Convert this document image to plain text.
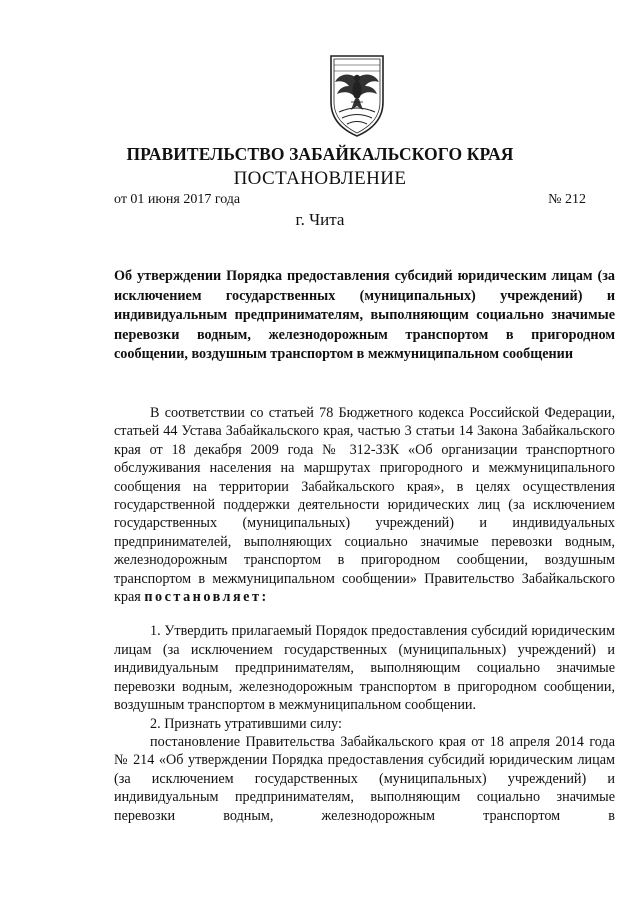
ПРАВИТЕЛЬСТВО ЗАБАЙКАЛЬСКОГО КРАЯ
ПОСТАНОВЛЕНИЕ
от 01 июня 2017 года	№ 212
г. Чита
Об утверждении Порядка предоставления субсидий юридическим лицам (за исключением государственных (муниципальных) учреждений) и индивидуальным предпринимателям, выполняющим социально значимые перевозки водным, железнодорожным транспортом в пригородном сообщении, воздушным транспортом в межмуниципальном сообщении

В соответствии со статьей 78 Бюджетного кодекса Российской Федерации, статьей 44 Устава Забайкальского края, частью 3 статьи 14 Закона Забайкальского края от 18 декабря 2009 года № 312-ЗЗК «Об организации транспортного обслуживания населения на маршрутах пригородного и межмуниципального сообщения на территории Забайкальского края», в целях осуществления государственной поддержки деятельности юридических лиц (за исключением государственных (муниципальных) учреждений) и индивидуальных предпринимателей, выполняющих социально значимые перевозки водным, железнодорожным транспортом в пригородном сообщении, воздушным транспортом в межмуниципальном сообщении» Правительство Забайкальского края постановляет:

1. Утвердить прилагаемый Порядок предоставления субсидий юридическим лицам (за исключением государственных (муниципальных) учреждений) и индивидуальным предпринимателям, выполняющим социально значимые перевозки водным, железнодорожным транспортом в пригородном сообщении, воздушным транспортом в межмуниципальном сообщении.

2. Признать утратившими силу:

постановление Правительства Забайкальского края от 18 апреля 2014 года № 214 «Об утверждении Порядка предоставления субсидий юридическим лицам (за исключением государственных (муниципальных) учреждений) и индивидуальным предпринимателям, выполняющим социально значимые перевозки водным, железнодорожным транспортом в
